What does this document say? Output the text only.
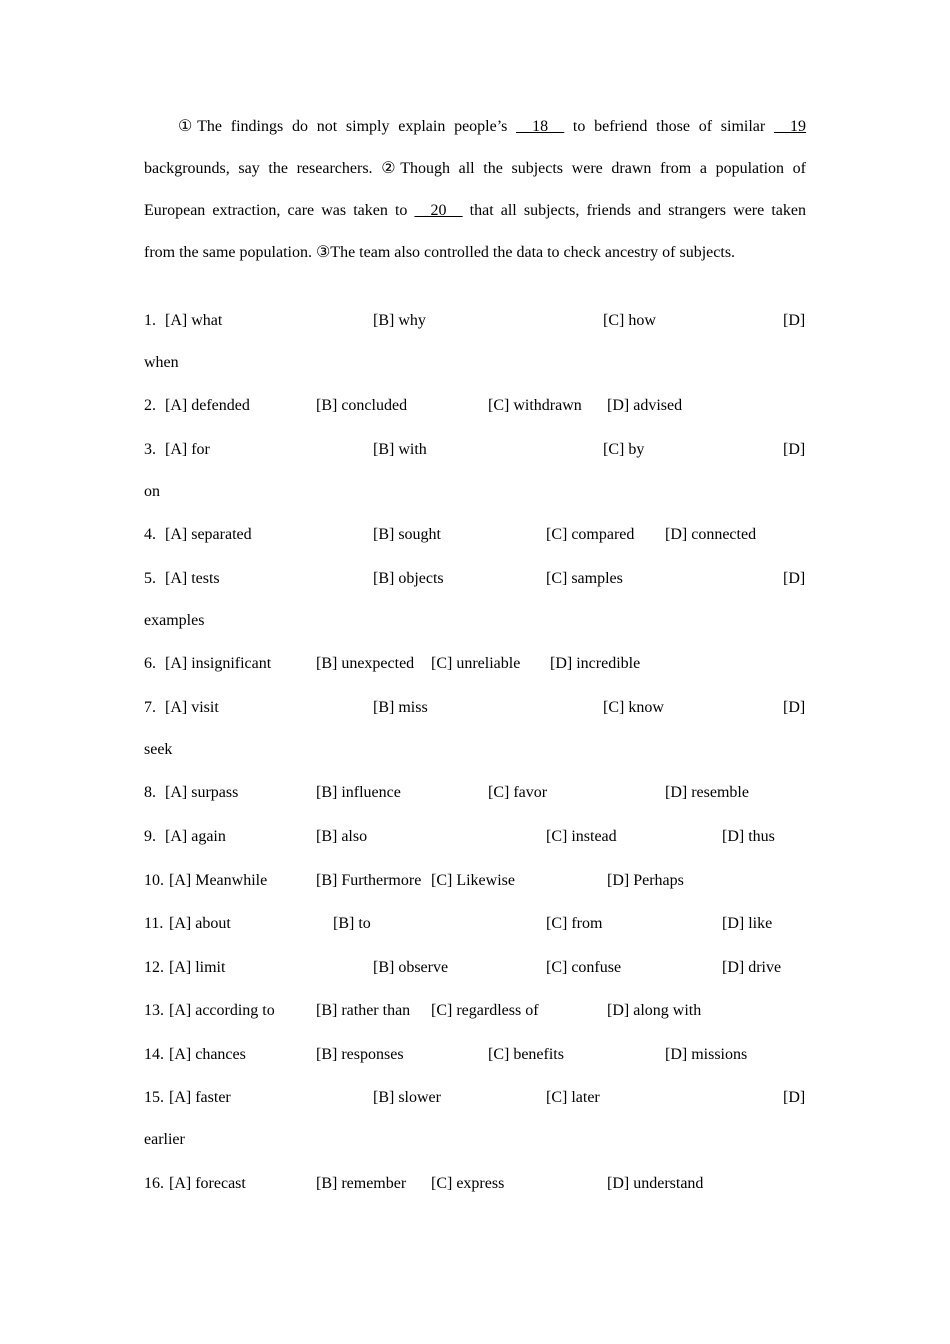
①The findings do not simply explain people’s __18__ to befriend those of similar __19
backgrounds, say the researchers. ②Though all the subjects were drawn from a population of
European extraction, care was taken to __20__ that all subjects, friends and strangers were taken
from the same population. ③The team also controlled the data to check ancestry of subjects.
1. [A] what	[B] why	[C] how	[D]
when
2. [A] defended	[B] concluded	[C] withdrawn [D] advised
3. [A] for	[B] with	[C] by	[D]
on
4. [A] separated	[B] sought	[C] compared [D] connected
5. [A] tests	[B] objects	[C] samples	[D]
examples
6. [A] insignificant	[B] unexpected [C] unreliable [D] incredible
7. [A] visit	[B] miss	[C] know	[D]
seek
8. [A] surpass	[B] influence	[C] favor	[D] resemble
9. [A] again	[B] also	[C] instead	[D] thus
10. [A] Meanwhile	[B] Furthermore [C] Likewise	[D] Perhaps
11. [A] about	[B] to	[C] from	[D] like
12. [A] limit	[B] observe	[C] confuse	[D] drive
13. [A] according to	[B] rather than [C] regardless of	[D] along with
14. [A] chances	[B] responses	[C] benefits	[D] missions
15. [A] faster	[B] slower	[C] later	[D]
earlier
16. [A] forecast	[B] remember [C] express	[D] understand
